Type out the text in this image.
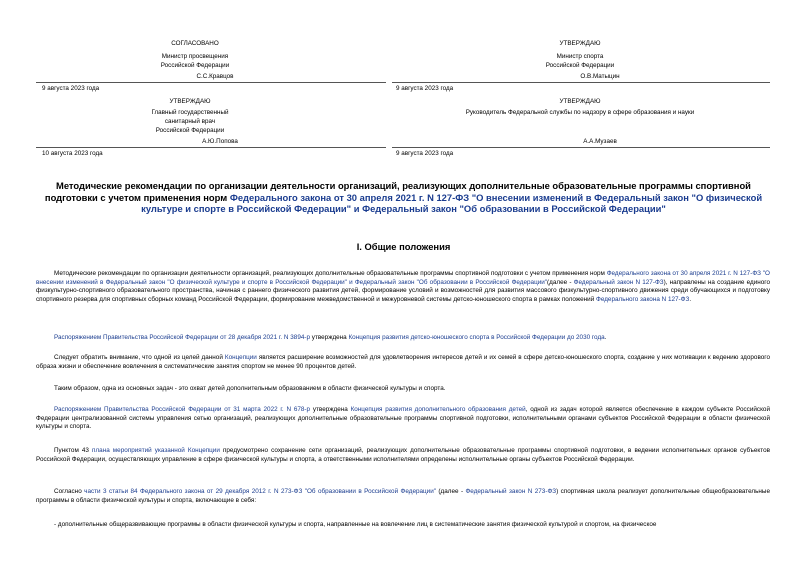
СОГЛАСОВАНО
Министр просвещения
Российской Федерации
С.С.Кравцов
9 августа 2023 года
УТВЕРЖДАЮ
Министр спорта
Российской Федерации
О.В.Матыцин
9 августа 2023 года
УТВЕРЖДАЮ
Главный государственный
санитарный врач
Российской Федерации
А.Ю.Попова
10 августа 2023 года
УТВЕРЖДАЮ
Руководитель Федеральной службы по надзору в сфере образования и науки
А.А.Музаев
9 августа 2023 года
Методические рекомендации по организации деятельности организаций, реализующих дополнительные образовательные программы спортивной подготовки с учетом применения норм Федерального закона от 30 апреля 2021 г. N 127-ФЗ "О внесении изменений в Федеральный закон "О физической культуре и спорте в Российской Федерации" и Федеральный закон "Об образовании в Российской Федерации"
I. Общие положения
Методические рекомендации по организации деятельности организаций, реализующих дополнительные образовательные программы спортивной подготовки с учетом применения норм Федерального закона от 30 апреля 2021 г. N 127-ФЗ "О внесении изменений в Федеральный закон "О физической культуре и спорте в Российской Федерации" и Федеральный закон "Об образовании в Российской Федерации"(далее - Федеральный закон N 127-ФЗ), направлены на создание единого физкультурно-спортивного образовательного пространства, начиная с раннего физического развития детей, формирование условий и возможностей для развития массового физкультурно-спортивного движения среди обучающихся и подготовку спортивного резерва для спортивных сборных команд Российской Федерации, формирование межведомственной и межуровневой системы детско-юношеского спорта в рамках положений Федерального закона N 127-ФЗ.
Распоряжением Правительства Российской Федерации от 28 декабря 2021 г. N 3894-р утверждена Концепция развития детско-юношеского спорта в Российской Федерации до 2030 года.
Следует обратить внимание, что одной из целей данной Концепции является расширение возможностей для удовлетворения интересов детей и их семей в сфере детско-юношеского спорта, создание у них мотивации к ведению здорового образа жизни и обеспечение вовлечения в систематические занятия спортом не менее 90 процентов детей.
Таким образом, одна из основных задач - это охват детей дополнительным образованием в области физической культуры и спорта.
Распоряжением Правительства Российской Федерации от 31 марта 2022 г. N 678-р утверждена Концепция развития дополнительного образования детей, одной из задач которой является обеспечение в каждом субъекте Российской Федерации централизованной системы управления сетью организаций, реализующих дополнительные образовательные программы спортивной подготовки, исполнительными органами субъектов Российской Федерации в области физической культуры и спорта.
Пунктом 43 плана мероприятий указанной Концепции предусмотрено сохранение сети организаций, реализующих дополнительные образовательные программы спортивной подготовки, в ведении исполнительных органов субъектов Российской Федерации, осуществляющих управление в сфере физической культуры и спорта, а ответственными исполнителями определены исполнительные органы субъектов Российской Федерации.
Согласно части 3 статьи 84 Федерального закона от 29 декабря 2012 г. N 273-ФЗ "Об образовании в Российской Федерации" (далее - Федеральный закон N 273-ФЗ) спортивная школа реализует дополнительные общеобразовательные программы в области физической культуры и спорта, включающие в себя:
- дополнительные общеразвивающие программы в области физической культуры и спорта, направленные на вовлечение лиц в систематические занятия физической культурой и спортом, на физическое
